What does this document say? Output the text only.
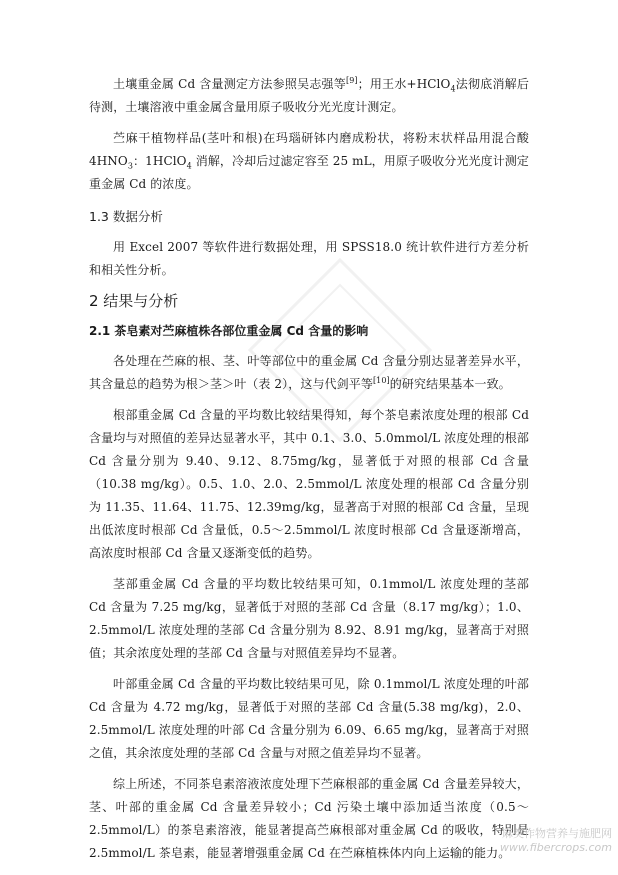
土壤重金属 Cd 含量测定方法参照吴志强等[9]；用王水+HClO$_4$法彻底消解后待测，土壤溶液中重金属含量用原子吸收分光光度计测定。

苎麻干植物样品(茎叶和根)在玛瑙研钵内磨成粉状，将粉末状样品用混合酸 $4HNO_3$：1HClO$_4$ 消解，冷却后过滤定容至 25 mL，用原子吸收分光光度计测定重金属 Cd 的浓度。

1.3 数据分析

用 Excel 2007 等软件进行数据处理，用 SPSS18.0 统计软件进行方差分析和相关性分析。

2 结果与分析
2.1 茶皂素对苎麻植株各部位重金属 Cd 含量的影响

各处理在苎麻的根、茎、叶等部位中的重金属 Cd 含量分别达显著差异水平，其含量总的趋势为根＞茎＞叶（表 2），这与代剑平等[10]的研究结果基本一致。

根部重金属 Cd 含量的平均数比较结果得知，每个茶皂素浓度处理的根部 Cd 含量均与对照值的差异达显著水平，其中 0.1、3.0、5.0mmol/L 浓度处理的根部 Cd 含量分别为 9.40、9.12、8.75mg/kg，显著低于对照的根部 Cd 含量（10.38 mg/kg）。0.5、1.0、2.0、2.5mmol/L 浓度处理的根部 Cd 含量分别为 11.35、11.64、11.75、12.39mg/kg，显著高于对照的根部 Cd 含量，呈现出低浓度时根部 Cd 含量低，0.5～2.5mmol/L 浓度时根部 Cd 含量逐渐增高，高浓度时根部 Cd 含量又逐渐变低的趋势。

茎部重金属 Cd 含量的平均数比较结果可知，0.1mmol/L 浓度处理的茎部 Cd 含量为 7.25 mg/kg，显著低于对照的茎部 Cd 含量（8.17 mg/kg）；1.0、2.5mmol/L 浓度处理的茎部 Cd 含量分别为 8.92、8.91 mg/kg，显著高于对照值；其余浓度处理的茎部 Cd 含量与对照值差异均不显著。

叶部重金属 Cd 含量的平均数比较结果可见，除 0.1mmol/L 浓度处理的叶部 Cd 含量为 4.72 mg/kg，显著低于对照的茎部 Cd 含量(5.38 mg/kg)，2.0、2.5mmol/L 浓度处理的叶部 Cd 含量分别为 6.09、6.65 mg/kg，显著高于对照之值，其余浓度处理的茎部 Cd 含量与对照之值差异均不显著。

综上所述，不同茶皂素溶液浓度处理下苎麻根部的重金属 Cd 含量差异较大，茎、叶部的重金属 Cd 含量差异较小；Cd 污染土壤中添加适当浓度（0.5～2.5mmol/L）的茶皂素溶液，能显著提高苎麻根部对重金属 Cd 的吸收，特别是 2.5mmol/L 茶皂素，能显著增强重金属 Cd 在苎麻植株体内向上运输的能力。

麻类作物营养与施肥网
www.fibercrops.com
